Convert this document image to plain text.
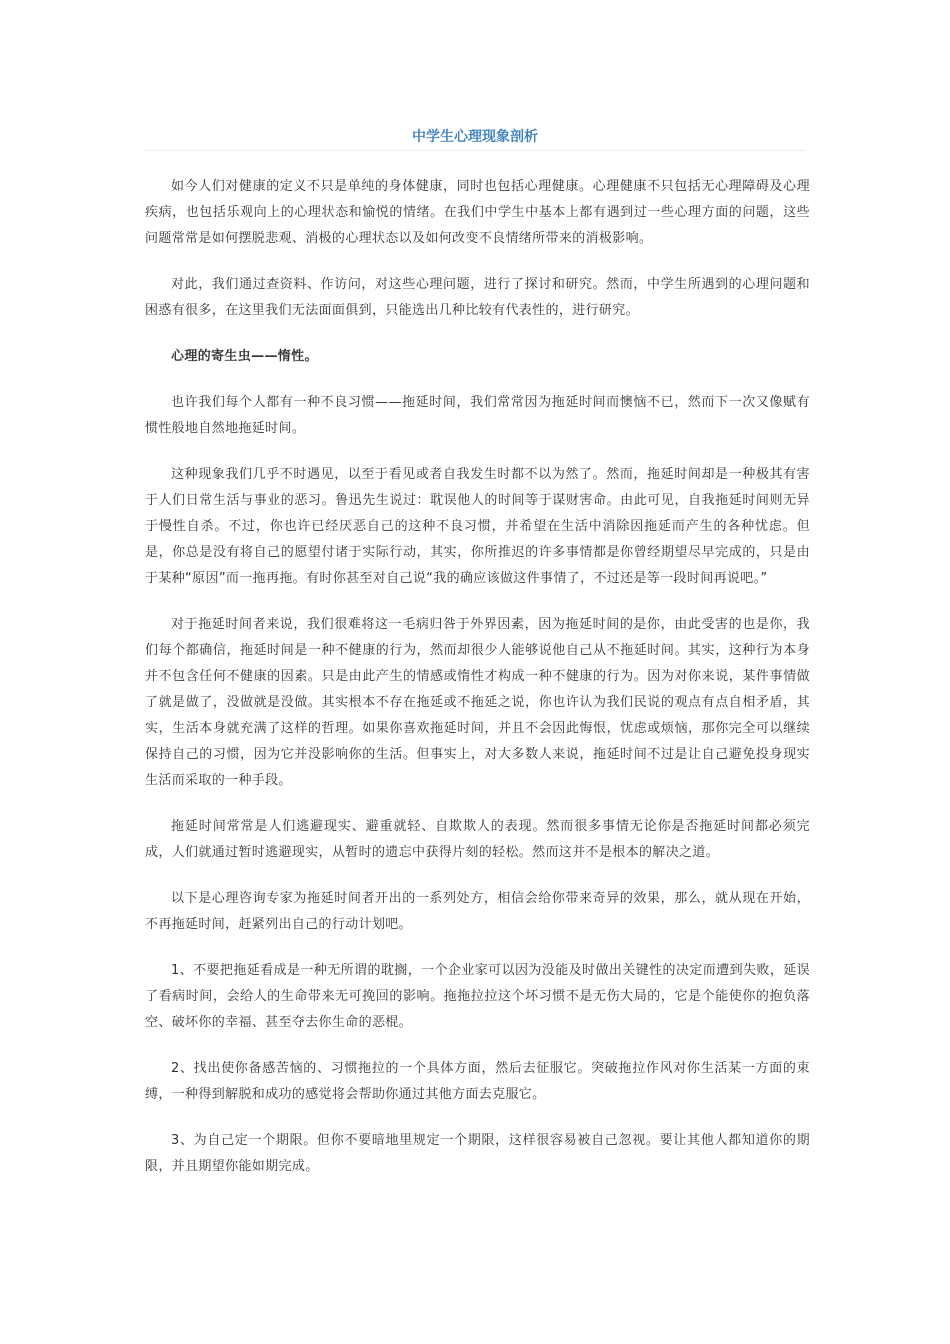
中学生心理现象剖析

如今人们对健康的定义不只是单纯的身体健康，同时也包括心理健康。心理健康不只包括无心理障碍及心理疾病，也包括乐观向上的心理状态和愉悦的情绪。在我们中学生中基本上都有遇到过一些心理方面的问题，这些问题常常是如何摆脱悲观、消极的心理状态以及如何改变不良情绪所带来的消极影响。

对此，我们通过查资料、作访问，对这些心理问题，进行了探讨和研究。然而，中学生所遇到的心理问题和困惑有很多，在这里我们无法面面俱到，只能选出几种比较有代表性的，进行研究。

心理的寄生虫——惰性。

也许我们每个人都有一种不良习惯——拖延时间，我们常常因为拖延时间而懊恼不已，然而下一次又像赋有惯性般地自然地拖延时间。

这种现象我们几乎不时遇见，以至于看见或者自我发生时都不以为然了。然而，拖延时间却是一种极其有害于人们日常生活与事业的恶习。鲁迅先生说过：耽误他人的时间等于谋财害命。由此可见，自我拖延时间则无异于慢性自杀。不过，你也许已经厌恶自己的这种不良习惯，并希望在生活中消除因拖延而产生的各种忧虑。但是，你总是没有将自己的愿望付诸于实际行动，其实，你所推迟的许多事情都是你曾经期望尽早完成的，只是由于某种“原因”而一拖再拖。有时你甚至对自己说“我的确应该做这件事情了，不过还是等一段时间再说吧。”

对于拖延时间者来说，我们很难将这一毛病归咎于外界因素，因为拖延时间的是你，由此受害的也是你，我们每个都确信，拖延时间是一种不健康的行为，然而却很少人能够说他自己从不拖延时间。其实，这种行为本身并不包含任何不健康的因素。只是由此产生的情感或惰性才构成一种不健康的行为。因为对你来说，某件事情做了就是做了，没做就是没做。其实根本不存在拖延或不拖延之说，你也许认为我们民说的观点有点自相矛盾，其实，生活本身就充满了这样的哲理。如果你喜欢拖延时间，并且不会因此悔恨，忧虑或烦恼，那你完全可以继续保持自己的习惯，因为它并没影响你的生活。但事实上，对大多数人来说，拖延时间不过是让自己避免投身现实生活而采取的一种手段。

拖延时间常常是人们逃避现实、避重就轻、自欺欺人的表现。然而很多事情无论你是否拖延时间都必须完成，人们就通过暂时逃避现实，从暂时的遗忘中获得片刻的轻松。然而这并不是根本的解决之道。

以下是心理咨询专家为拖延时间者开出的一系列处方，相信会给你带来奇异的效果，那么，就从现在开始，不再拖延时间，赶紧列出自己的行动计划吧。

1、不要把拖延看成是一种无所谓的耽搁，一个企业家可以因为没能及时做出关键性的决定而遭到失败，延误了看病时间，会给人的生命带来无可挽回的影响。拖拖拉拉这个坏习惯不是无伤大局的，它是个能使你的抱负落空、破坏你的幸福、甚至夺去你生命的恶棍。

2、找出使你备感苦恼的、习惯拖拉的一个具体方面，然后去征服它。突破拖拉作风对你生活某一方面的束缚，一种得到解脱和成功的感觉将会帮助你通过其他方面去克服它。

3、为自己定一个期限。但你不要暗地里规定一个期限，这样很容易被自己忽视。要让其他人都知道你的期限，并且期望你能如期完成。
